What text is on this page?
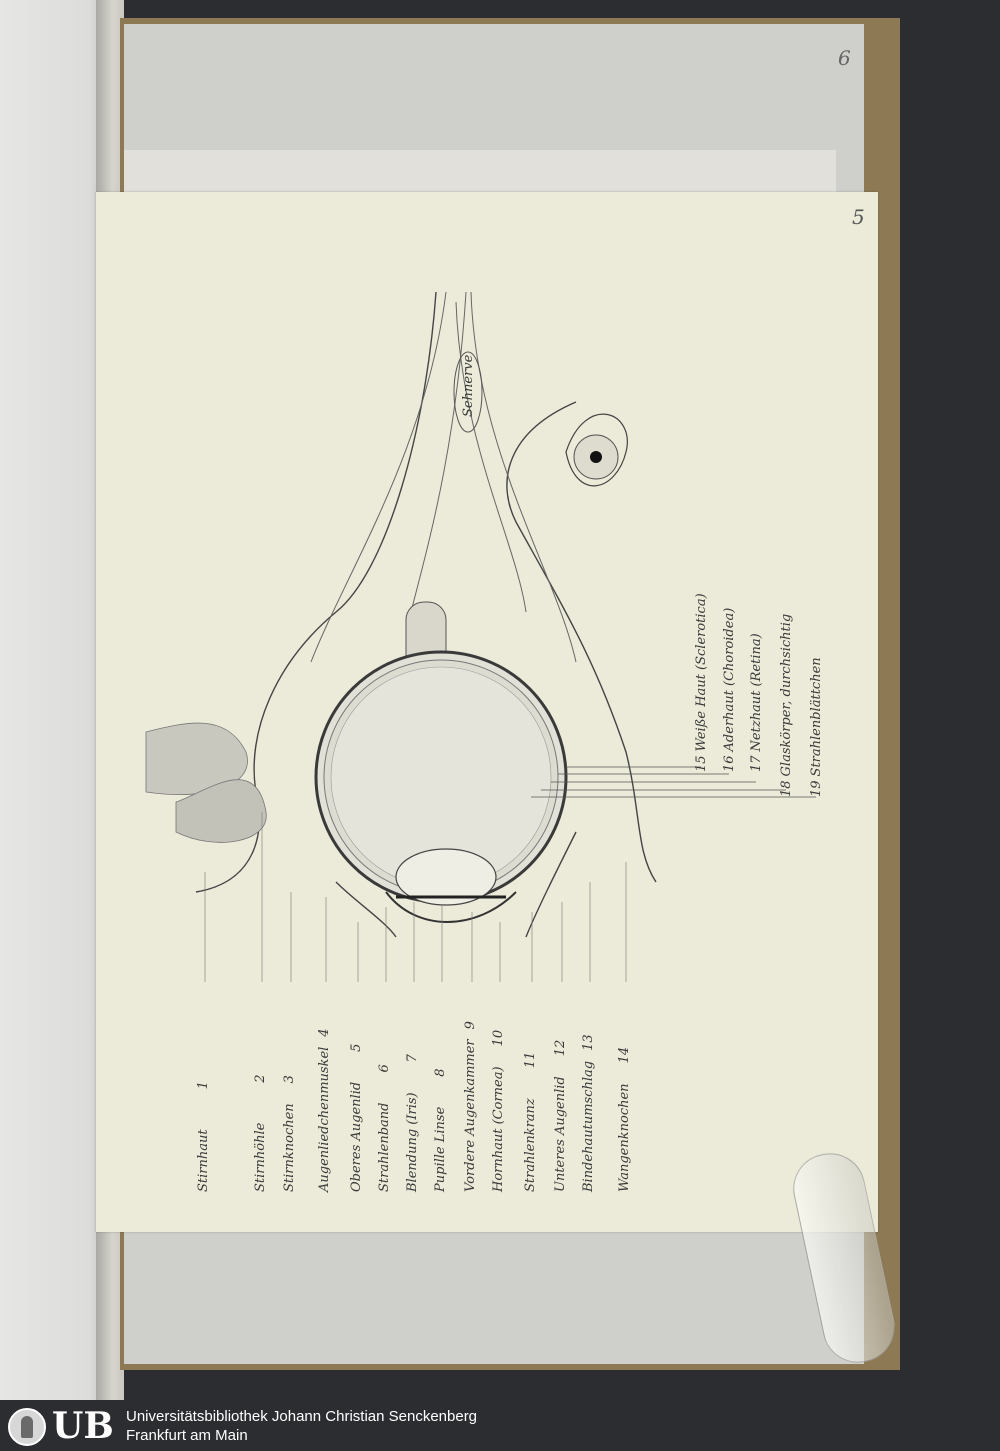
6
5
Sehnerve
Stirnhaut1
Stirnhöhle2
Stirnknochen3 Augenliedchenmuskel4
Oberes Augenlid5
Strahlenband6
Blendung (Iris)7
Pupille Linse8 Vordere Augenkammer9
Hornhaut (Cornea)10
Strahlenkranz11
Unteres Augenlid12
Bindehautumschlag13
Wangenknochen14
15Weiße Haut (Sclerotica)
16Aderhaut (Choroidea)
17Netzhaut (Retina)
18Glaskörper, durchsichtig
19Strahlenblättchen
UB Universitätsbibliothek Johann Christian Senckenberg
Frankfurt am Main
